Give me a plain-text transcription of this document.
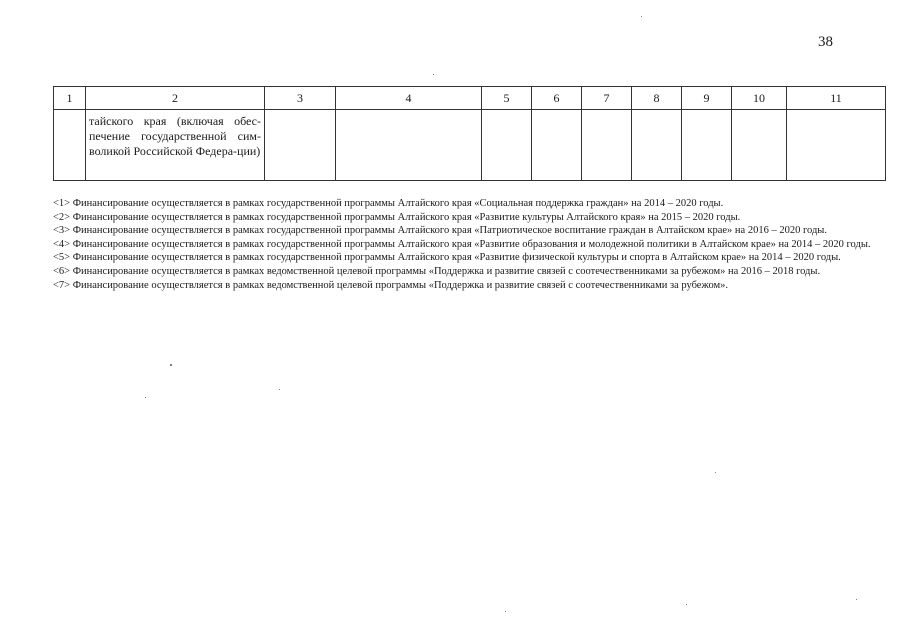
38
1	2	3	4	5	6	7	8	9	10	11

	тайского края (включая обес-печение государственной сим-воликой Российской Федера-ции)									

<1> Финансирование осуществляется в рамках государственной программы Алтайского края «Социальная поддержка граждан» на 2014 – 2020 годы.

<2> Финансирование осуществляется в рамках государственной программы Алтайского края «Развитие культуры Алтайского края» на 2015 – 2020 годы.

<3> Финансирование осуществляется в рамках государственной программы Алтайского края «Патриотическое воспитание граждан в Алтайском крае» на 2016 – 2020 годы.

<4> Финансирование осуществляется в рамках государственной программы Алтайского края «Развитие образования и молодежной политики в Алтайском крае» на 2014 – 2020 годы.

<5> Финансирование осуществляется в рамках государственной программы Алтайского края «Развитие физической культуры и спорта в Алтайском крае» на 2014 – 2020 годы.

<6> Финансирование осуществляется в рамках ведомственной целевой программы «Поддержка и развитие связей с соотечественниками за рубежом» на 2016 – 2018 годы.

<7> Финансирование осуществляется в рамках ведомственной целевой программы «Поддержка и развитие связей с соотечественниками за рубежом».
